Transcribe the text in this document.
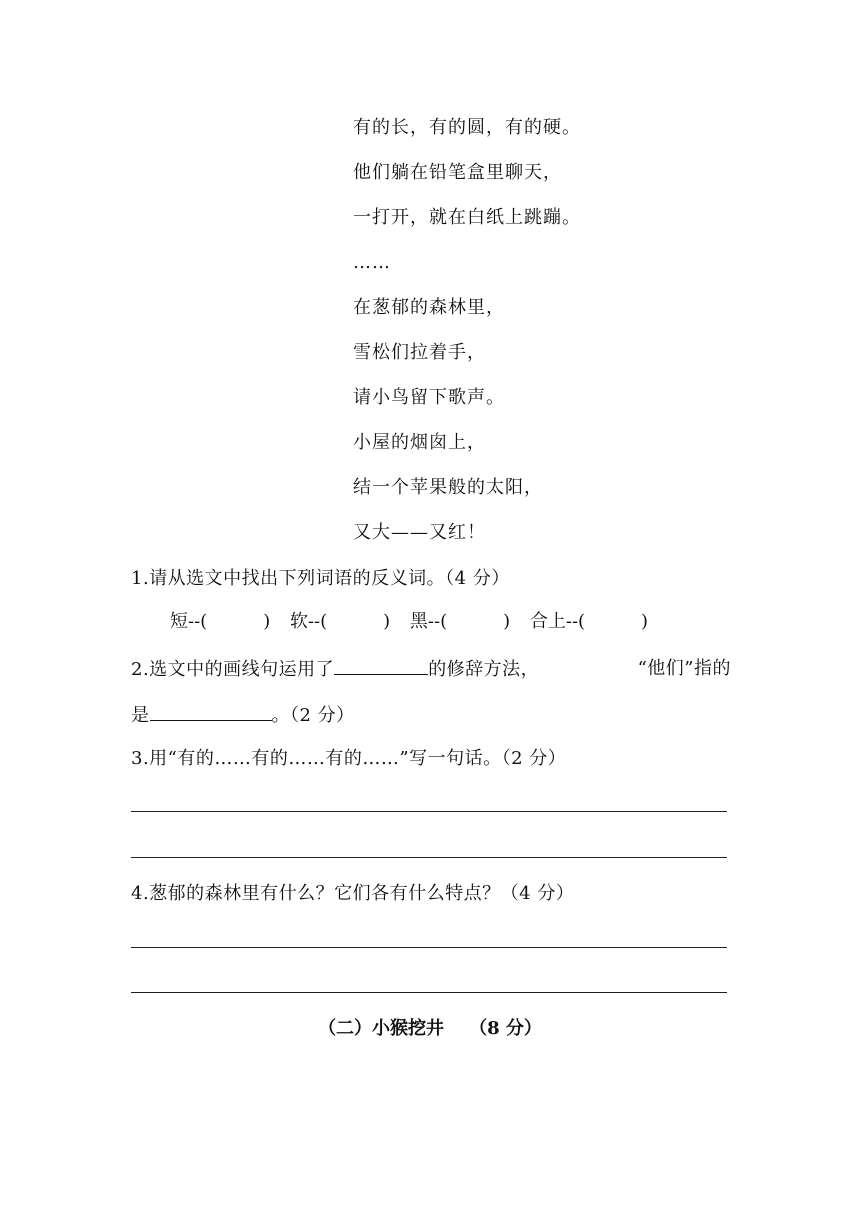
有的长，有的圆，有的硬。
他们躺在铅笔盒里聊天，
一打开，就在白纸上跳蹦。
……
在葱郁的森林里，
雪松们拉着手，
请小鸟留下歌声。
小屋的烟囱上，
结一个苹果般的太阳，
又大——又红！
1.请从选文中找出下列词语的反义词。（4 分）
短--(	) 软--(	) 黑--(	) 合上--(	)
2.选文中的画线句运用了	的修辞方法，	“他们”指的
是	。（2 分）
3.用“有的……有的……有的……”写一句话。（2 分）
4.葱郁的森林里有什么？它们各有什么特点？（4 分）
（二）小猴挖井    （8 分）
